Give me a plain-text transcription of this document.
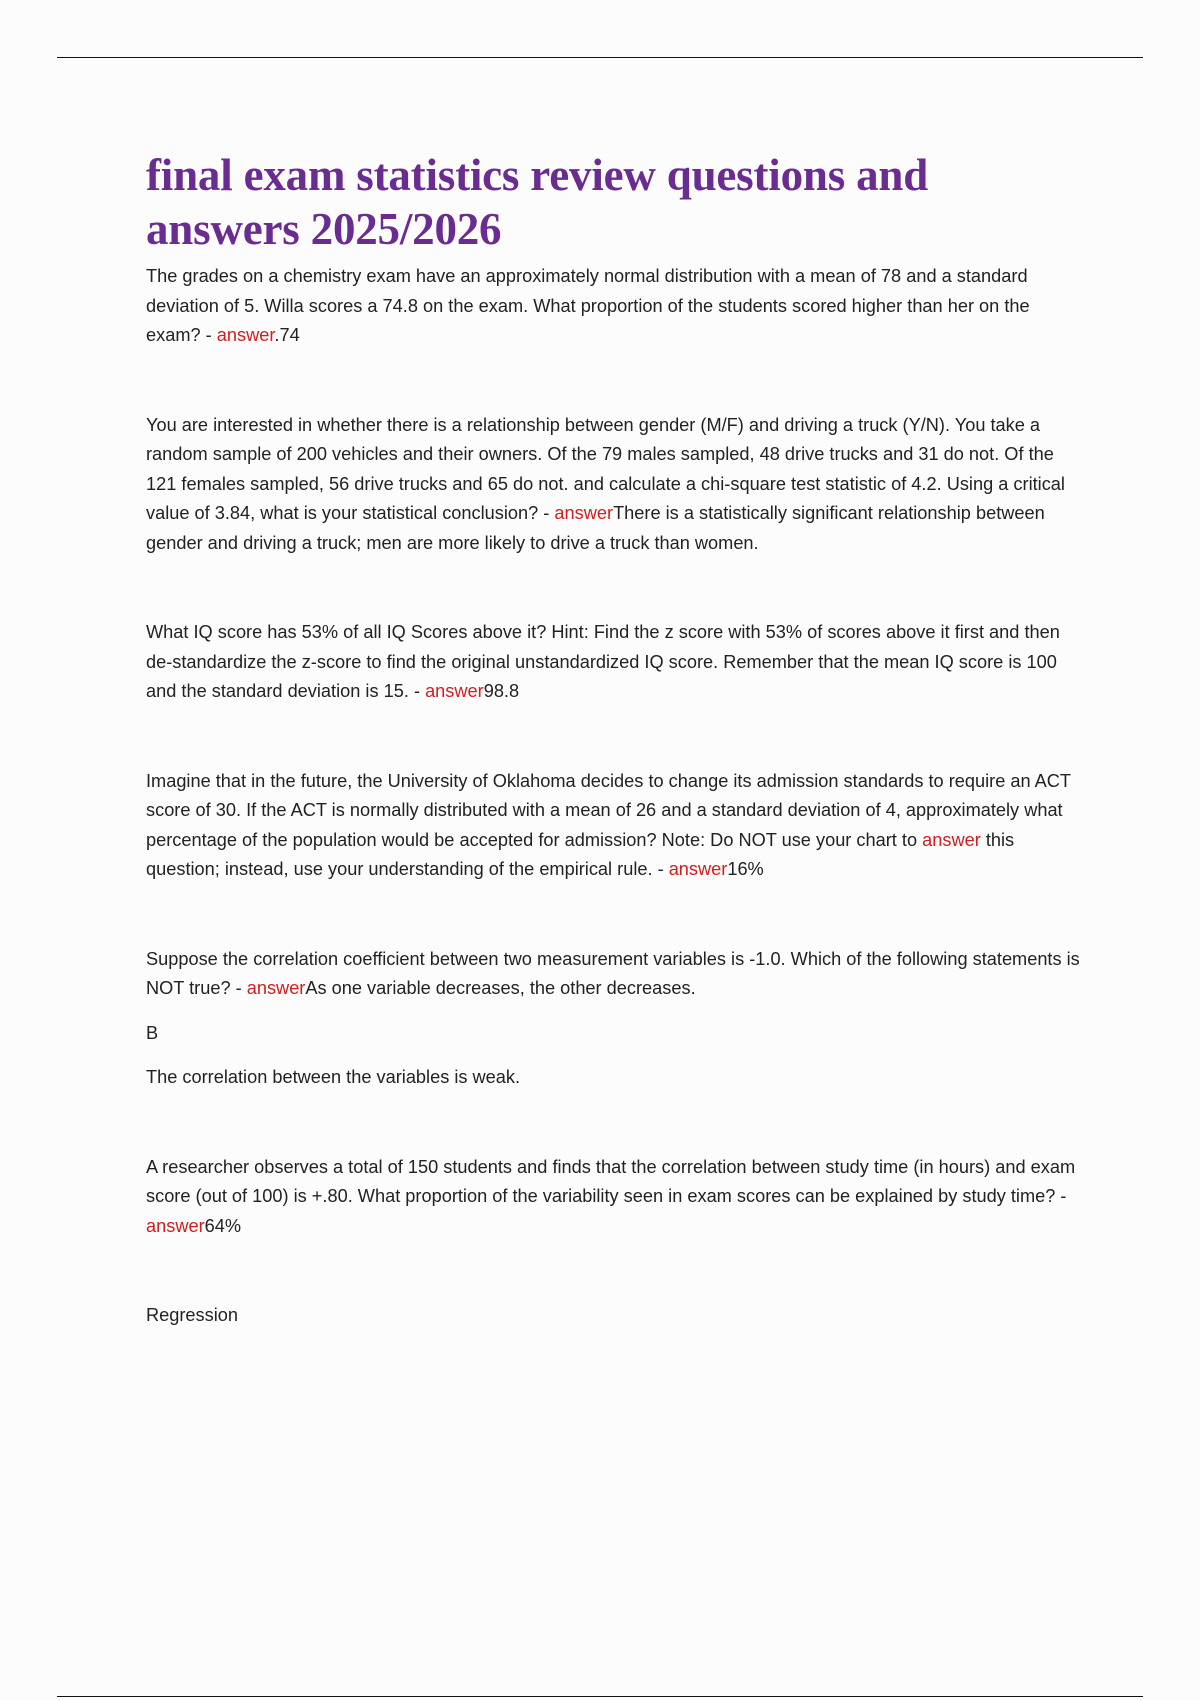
final exam statistics review questions and answers 2025/2026

The grades on a chemistry exam have an approximately normal distribution with a mean of 78 and a standard deviation of 5. Willa scores a 74.8 on the exam. What proportion of the students scored higher than her on the exam? - answer.74

You are interested in whether there is a relationship between gender (M/F) and driving a truck (Y/N). You take a random sample of 200 vehicles and their owners. Of the 79 males sampled, 48 drive trucks and 31 do not. Of the 121 females sampled, 56 drive trucks and 65 do not. and calculate a chi-square test statistic of 4.2. Using a critical value of 3.84, what is your statistical conclusion? - answerThere is a statistically significant relationship between gender and driving a truck; men are more likely to drive a truck than women.

What IQ score has 53% of all IQ Scores above it? Hint: Find the z score with 53% of scores above it first and then de-standardize the z-score to find the original unstandardized IQ score. Remember that the mean IQ score is 100 and the standard deviation is 15. - answer98.8

Imagine that in the future, the University of Oklahoma decides to change its admission standards to require an ACT score of 30. If the ACT is normally distributed with a mean of 26 and a standard deviation of 4, approximately what percentage of the population would be accepted for admission? Note: Do NOT use your chart to answer this question; instead, use your understanding of the empirical rule. - answer16%

Suppose the correlation coefficient between two measurement variables is -1.0. Which of the following statements is NOT true? - answerAs one variable decreases, the other decreases.

B

The correlation between the variables is weak.

A researcher observes a total of 150 students and finds that the correlation between study time (in hours) and exam score (out of 100) is +.80. What proportion of the variability seen in exam scores can be explained by study time? - answer64%

Regression
